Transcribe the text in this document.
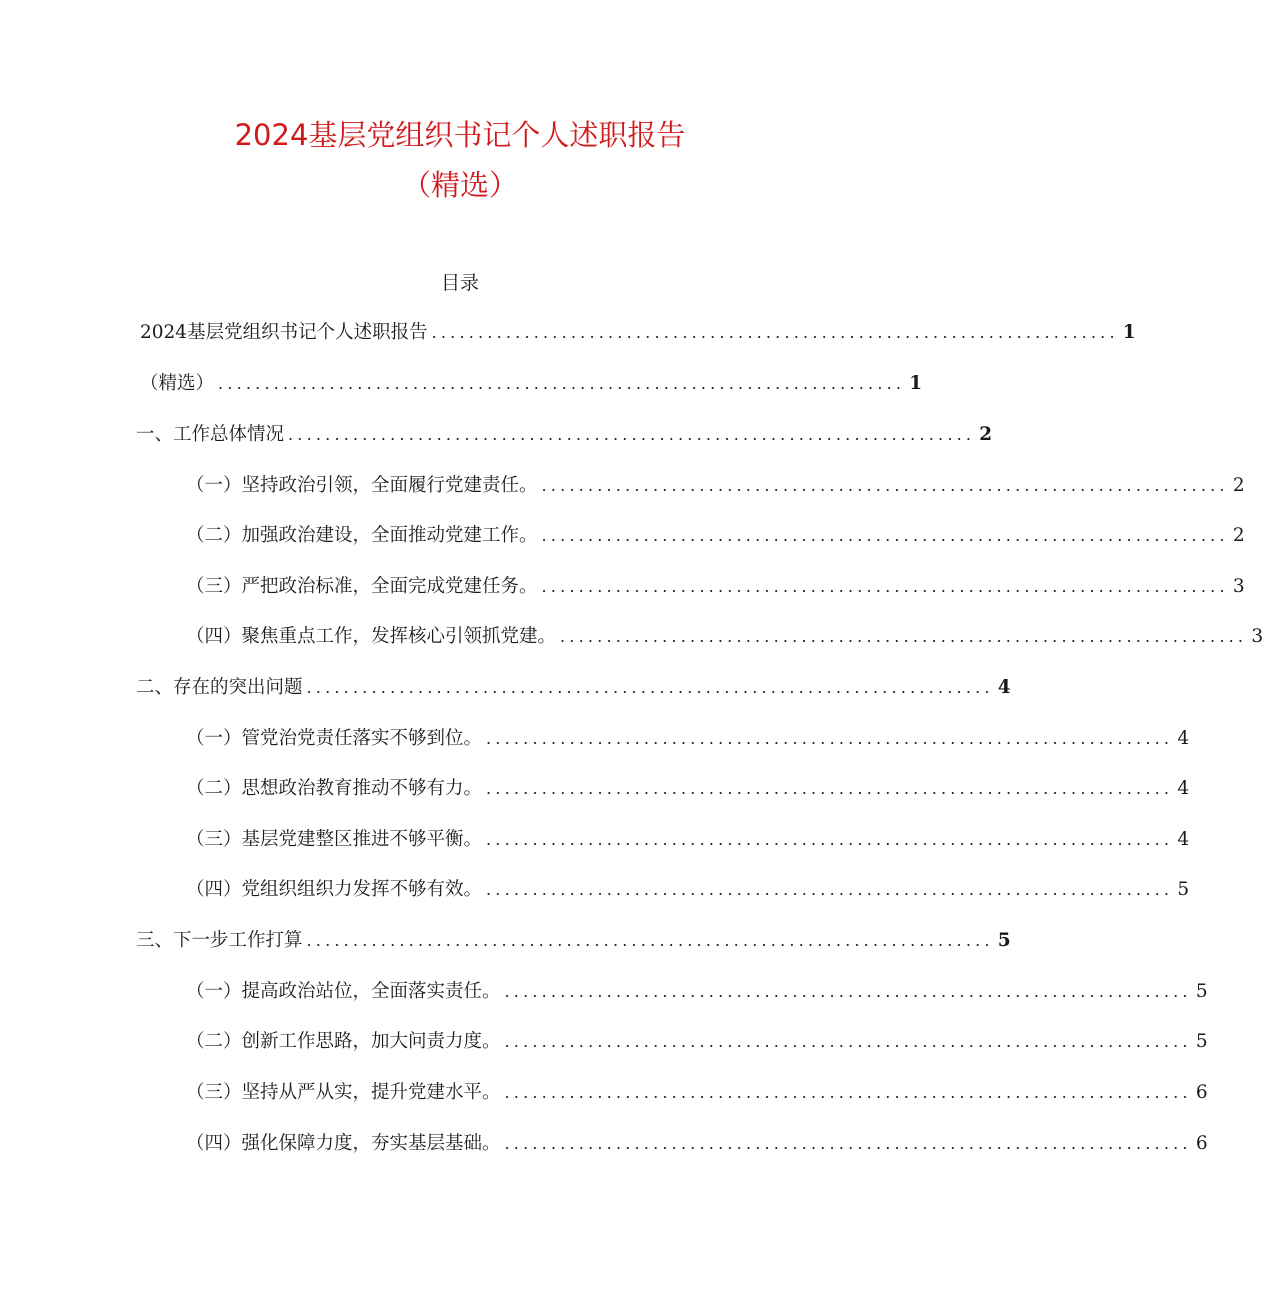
2024基层党组织书记个人述职报告
（精选）
目录
2024基层党组织书记个人述职报告 .......................................................................... 1
（精选） .......................................................................... 1
一、工作总体情况 .......................................................................... 2
（一）坚持政治引领，全面履行党建责任。 .......................................................................... 2
（二）加强政治建设，全面推动党建工作。 .......................................................................... 2
（三）严把政治标准，全面完成党建任务。 .......................................................................... 3
（四）聚焦重点工作，发挥核心引领抓党建。 .......................................................................... 3
二、存在的突出问题 .......................................................................... 4
（一）管党治党责任落实不够到位。 .......................................................................... 4
（二）思想政治教育推动不够有力。 .......................................................................... 4
（三）基层党建整区推进不够平衡。 .......................................................................... 4
（四）党组织组织力发挥不够有效。 .......................................................................... 5
三、下一步工作打算 .......................................................................... 5
（一）提高政治站位，全面落实责任。 .......................................................................... 5
（二）创新工作思路，加大问责力度。 .......................................................................... 5
（三）坚持从严从实，提升党建水平。 .......................................................................... 6
（四）强化保障力度，夯实基层基础。 .......................................................................... 6
